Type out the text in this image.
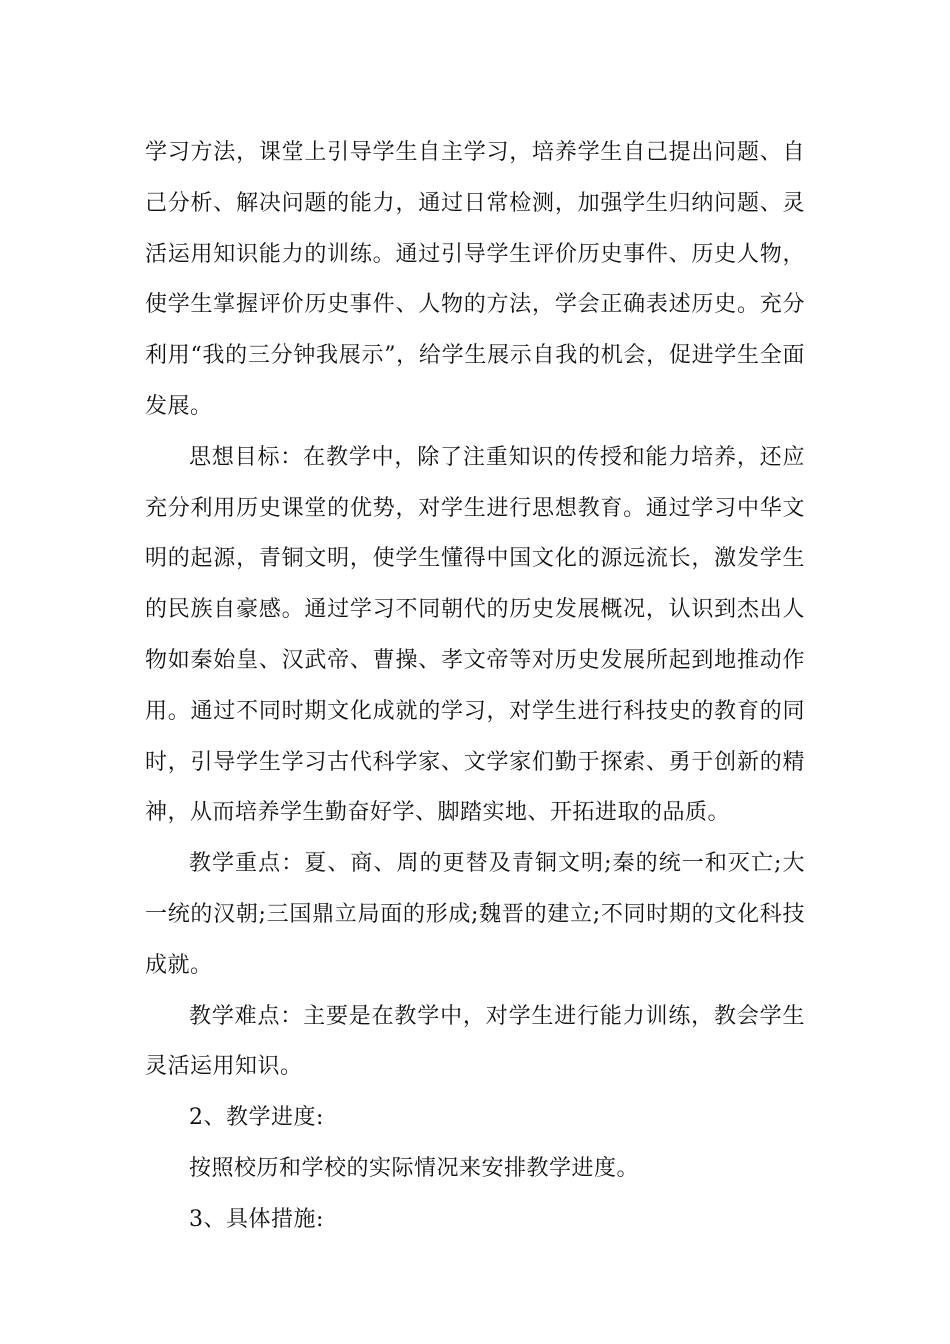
学习方法，课堂上引导学生自主学习，培养学生自己提出问题、自己分析、解决问题的能力，通过日常检测，加强学生归纳问题、灵活运用知识能力的训练。通过引导学生评价历史事件、历史人物，使学生掌握评价历史事件、人物的方法，学会正确表述历史。充分利用“我的三分钟我展示”，给学生展示自我的机会，促进学生全面发展。

思想目标：在教学中，除了注重知识的传授和能力培养，还应充分利用历史课堂的优势，对学生进行思想教育。通过学习中华文明的起源，青铜文明，使学生懂得中国文化的源远流长，激发学生的民族自豪感。通过学习不同朝代的历史发展概况，认识到杰出人物如秦始皇、汉武帝、曹操、孝文帝等对历史发展所起到地推动作用。通过不同时期文化成就的学习，对学生进行科技史的教育的同时，引导学生学习古代科学家、文学家们勤于探索、勇于创新的精神，从而培养学生勤奋好学、脚踏实地、开拓进取的品质。

教学重点：夏、商、周的更替及青铜文明;秦的统一和灭亡;大一统的汉朝;三国鼎立局面的形成;魏晋的建立;不同时期的文化科技成就。

教学难点：主要是在教学中，对学生进行能力训练，教会学生灵活运用知识。

2、教学进度:

按照校历和学校的实际情况来安排教学进度。

3、具体措施:
